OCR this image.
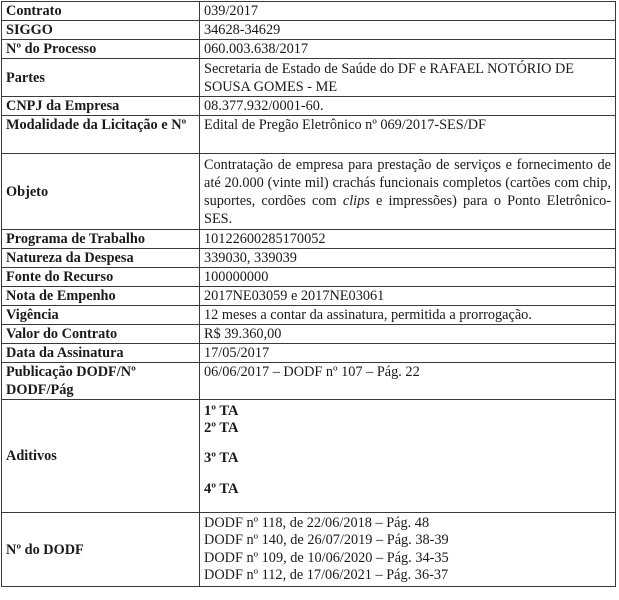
Contrato	039/2017
SIGGO	34628-34629
Nº do Processo	060.003.638/2017
Partes	Secretaria de Estado de Saúde do DF e RAFAEL NOTÓRIO DE SOUSA GOMES - ME
CNPJ da Empresa	08.377.932/0001-60.
Modalidade da Licitação e Nº	Edital de Pregão Eletrônico nº 069/2017-SES/DF
Objeto	Contratação de empresa para prestação de serviços e fornecimento de até 20.000 (vinte mil) crachás funcionais completos (cartões com chip, suportes, cordões com clips e impressões) para o Ponto Eletrônico-SES.
Programa de Trabalho	10122600285170052
Natureza da Despesa	339030, 339039
Fonte do Recurso	100000000
Nota de Empenho	2017NE03059 e 2017NE03061
Vigência	12 meses a contar da assinatura, permitida a prorrogação.
Valor do Contrato	R$ 39.360,00
Data da Assinatura	17/05/2017
Publicação DODF/Nº DODF/Pág	06/06/2017 – DODF nº 107 – Pág. 22
Aditivos	1º TA
2º TA
3º TA
4º TA

Nº do DODF	DODF nº 118, de 22/06/2018 – Pág. 48
DODF nº 140, de 26/07/2019 – Pág. 38-39
DODF nº 109, de 10/06/2020 – Pág. 34-35
DODF nº 112, de 17/06/2021 – Pág. 36-37
